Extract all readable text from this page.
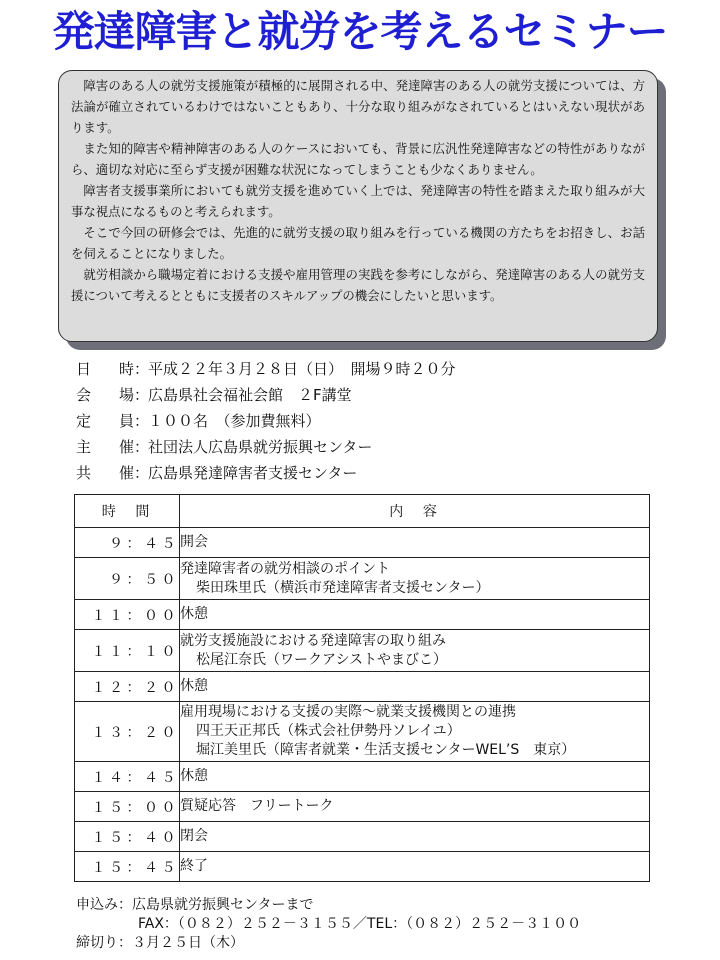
発達障害と就労を考えるセミナー

障害のある人の就労支援施策が積極的に展開される中、発達障害のある人の就労支援については、方法論が確立されているわけではないこともあり、十分な取り組みがなされているとはいえない現状があります。

また知的障害や精神障害のある人のケースにおいても、背景に広汎性発達障害などの特性がありながら、適切な対応に至らず支援が困難な状況になってしまうことも少なくありません。

障害者支援事業所においても就労支援を進めていく上では、発達障害の特性を踏まえた取り組みが大事な視点になるものと考えられます。

そこで今回の研修会では、先進的に就労支援の取り組みを行っている機関の方たちをお招きし、お話を伺えることになりました。

就労相談から職場定着における支援や雇用管理の実践を参考にしながら、発達障害のある人の就労支援について考えるとともに支援者のスキルアップの機会にしたいと思います。

日 時 ：
平成２２年３月２８日（日）　開場９時２０分
会 場 ：
広島県社会福祉会館　２F講堂
定 員 ：
１００名　（参加費無料）
主 催 ：
社団法人広島県就労振興センター
共 催 ：
広島県発達障害者支援センター
時　間	内　容
９：４５	開会

９：５０	発達障害者の就労相談のポイント
柴田珠里氏（横浜市発達障害者支援センター）

１１：００	休憩

１１：１０	就労支援施設における発達障害の取り組み
松尾江奈氏（ワークアシストやまびこ）

１２：２０	休憩

１３：２０	雇用現場における支援の実際～就業支援機関との連携
四王天正邦氏（株式会社伊勢丹ソレイユ）
堀江美里氏（障害者就業・生活支援センターWEL’S　東京）

１４：４５	休憩

１５：００	質疑応答　フリートーク

１５：４０	閉会

１５：４５	終了
申込み：広島県就労振興センターまで
FAX：（０８２）２５２－３１５５／TEL：（０８２）２５２－３１００
締切り：３月２５日（木）
